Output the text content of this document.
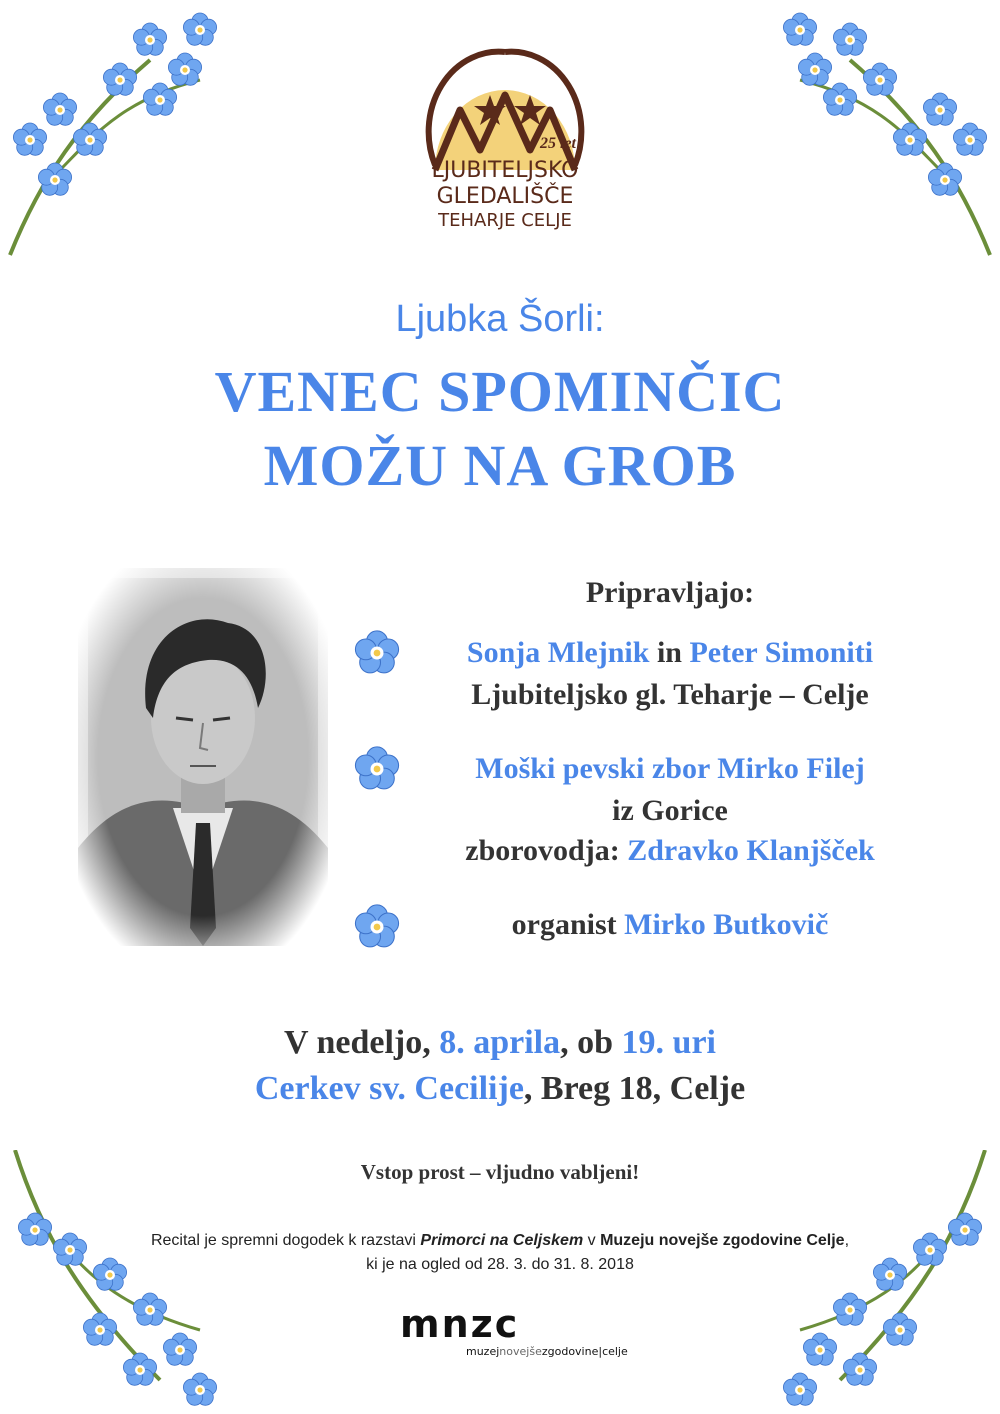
25 let
LJUBITELJSKO
GLEDALIŠČE
TEHARJE CELJE
Ljubka Šorli:
VENEC SPOMINČIC
MOŽU NA GROB
Pripravljajo:
Sonja Mlejnik in Peter Simoniti
Ljubiteljsko gl. Teharje – Celje
Moški pevski zbor Mirko Filej
iz Gorice
zborovodja: Zdravko Klanjšček
organist Mirko Butkovič
V nedeljo, 8. aprila, ob 19. uri
Cerkev sv. Cecilije, Breg 18, Celje
Vstop prost – vljudno vabljeni!
Recital je spremni dogodek k razstavi Primorci na Celjskem v Muzeju novejše zgodovine Celje,
ki je na ogled od 28. 3. do 31. 8. 2018
mnzc
muzejnovejšezgodovine|celje
